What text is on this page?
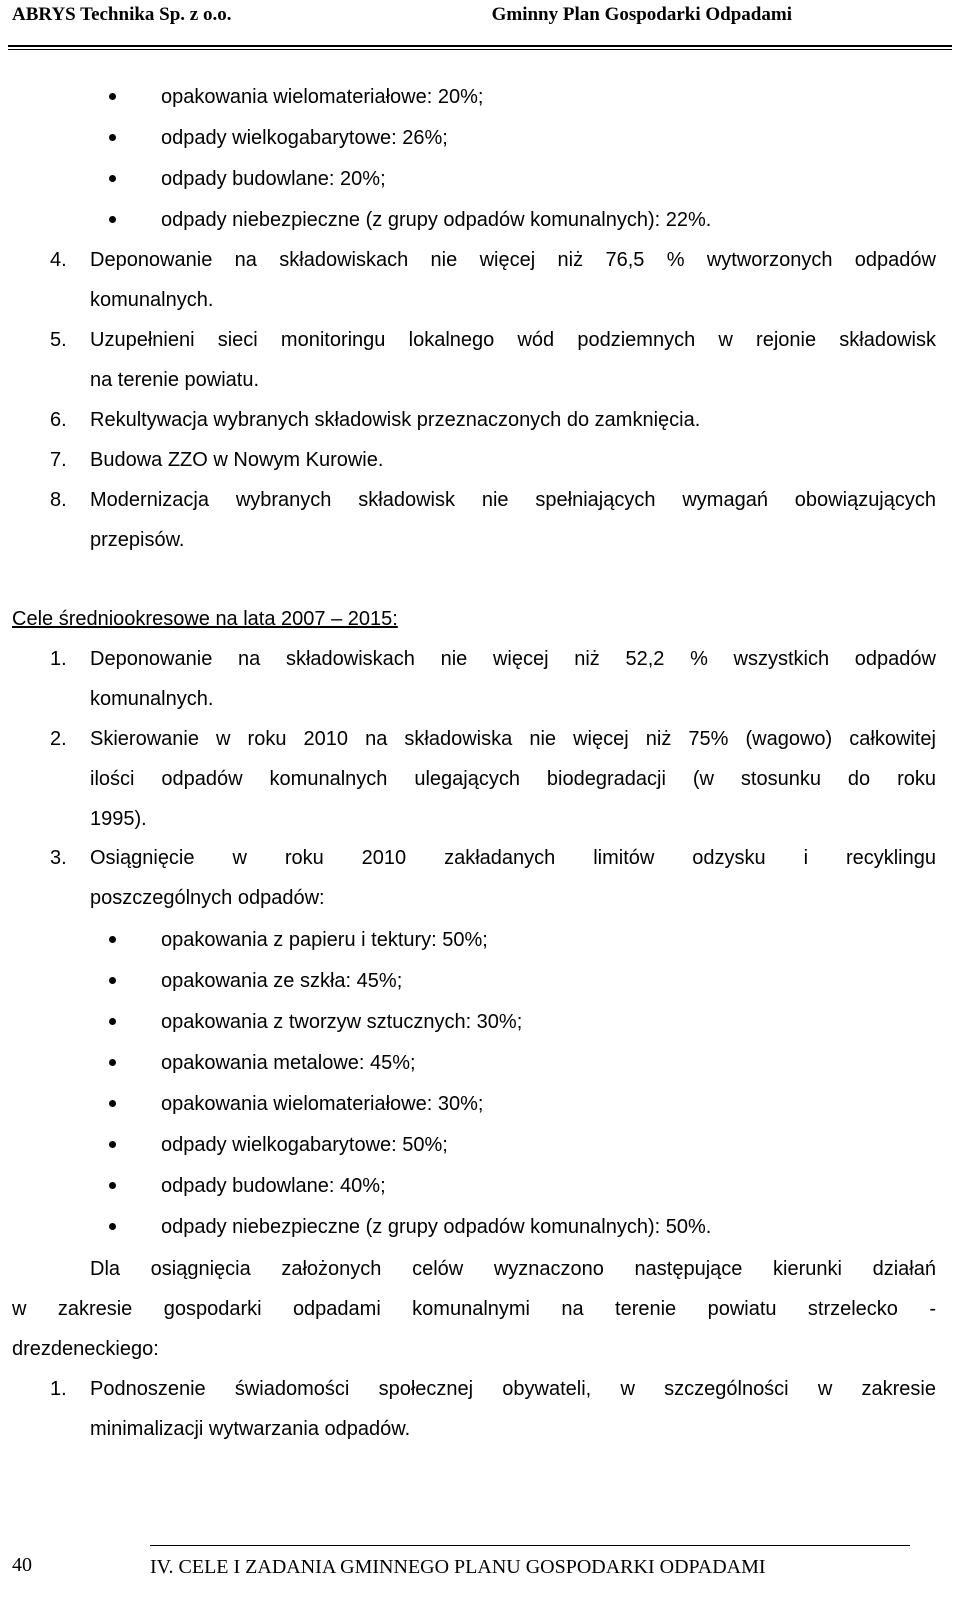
ABRYS Technika Sp. z o.o.	Gminny Plan Gospodarki Odpadami
opakowania wielomateriałowe: 20%;
odpady wielkogabarytowe: 26%;
odpady budowlane: 20%;
odpady niebezpieczne (z grupy odpadów komunalnych): 22%.
4. Deponowanie na składowiskach nie więcej niż 76,5 % wytworzonych odpadów
komunalnych.
5. Uzupełnieni sieci monitoringu lokalnego wód podziemnych w rejonie składowisk
na terenie powiatu.
6. Rekultywacja wybranych składowisk przeznaczonych do zamknięcia.
7. Budowa ZZO w Nowym Kurowie.
8. Modernizacja wybranych składowisk nie spełniających wymagań obowiązujących
przepisów.
Cele średniookresowe na lata 2007 – 2015:
1. Deponowanie na składowiskach nie więcej niż 52,2 % wszystkich odpadów
komunalnych.
2. Skierowanie w roku 2010 na składowiska nie więcej niż 75% (wagowo) całkowitej
ilości odpadów komunalnych ulegających biodegradacji (w stosunku do roku
1995).
3. Osiągnięcie w roku 2010 zakładanych limitów odzysku i recyklingu
poszczególnych odpadów:
opakowania z papieru i tektury: 50%;
opakowania ze szkła: 45%;
opakowania z tworzyw sztucznych: 30%;
opakowania metalowe: 45%;
opakowania wielomateriałowe: 30%;
odpady wielkogabarytowe: 50%;
odpady budowlane: 40%;
odpady niebezpieczne (z grupy odpadów komunalnych): 50%.
Dla osiągnięcia założonych celów wyznaczono następujące kierunki działań
w zakresie gospodarki odpadami komunalnymi na terenie powiatu strzelecko -
drezdeneckiego:
1. Podnoszenie świadomości społecznej obywateli, w szczególności w zakresie
minimalizacji wytwarzania odpadów.
40	IV. CELE I ZADANIA GMINNEGO PLANU GOSPODARKI ODPADAMI
